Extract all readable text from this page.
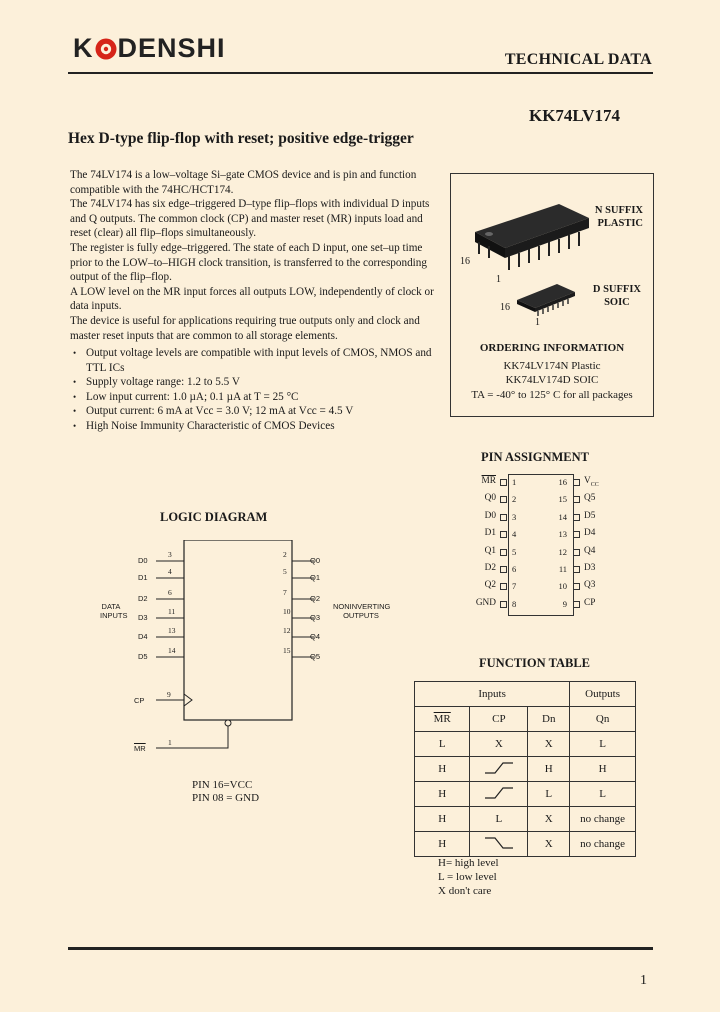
K DENSHI	TECHNICAL DATA
KK74LV174
Hex D-type flip-flop with reset; positive edge-trigger

The 74LV174 is a low–voltage Si–gate CMOS device and is pin and function compatible with the 74HC/HCT174.

The 74LV174 has six edge–triggered D–type flip–flops with individual D inputs and Q outputs. The common clock (CP) and master reset (MR) inputs load and reset (clear) all flip–flops simultaneously.

The register is fully edge–triggered. The state of each D input, one set–up time prior to the LOW–to–HIGH clock transition, is transferred to the corresponding output of the flip–flop.

A LOW level on the MR input forces all outputs LOW, independently of clock or data inputs.

The device is useful for applications requiring true outputs only and clock and master reset inputs that are common to all storage elements.

• Output voltage levels are compatible with input levels of CMOS, NMOS and TTL ICs
• Supply voltage range: 1.2 to 5.5 V
• Low input current: 1.0 µA; 0.1 µA at T = 25 °C
• Output current: 6 mA at Vcc = 3.0 V; 12 mA at Vcc = 4.5 V
• High Noise Immunity Characteristic of CMOS Devices
16
1
N SUFFIX
PLASTIC
16
1
D SUFFIX
SOIC
ORDERING INFORMATION
KK74LV174N Plastic
KK74LV174D SOIC
TA = -40° to 125° C for all packages
PIN ASSIGNMENT
$\overline{MR}$ 1
Q0 2
D0 3
D1 4
Q1 5
D2 6
Q2 7
GND 8
16 $V_{CC}$
15 Q5
14 D5
13 D4
12 Q4
11 D3
10 Q3
9 CP
LOGIC DIAGRAM
D0
3
D1
4
D2
6
D3
11
D4
13
D5
14
2
Q0
5
Q1
7
Q2
10
Q3
12
Q4
15
Q5
DATA
INPUTS
NONINVERTING
OUTPUTS
CP
9
$\overline{MR}$
1
PIN 16=VCC
PIN 08 = GND
FUNCTION TABLE
Inputs			Outputs
$\overline{MR}$	CP	Dn	Qn
L	X	X	L
H		H	H
H		L	L
H	L	X	no change
H		X	no change
H= high level
L = low level
X don't care
1
